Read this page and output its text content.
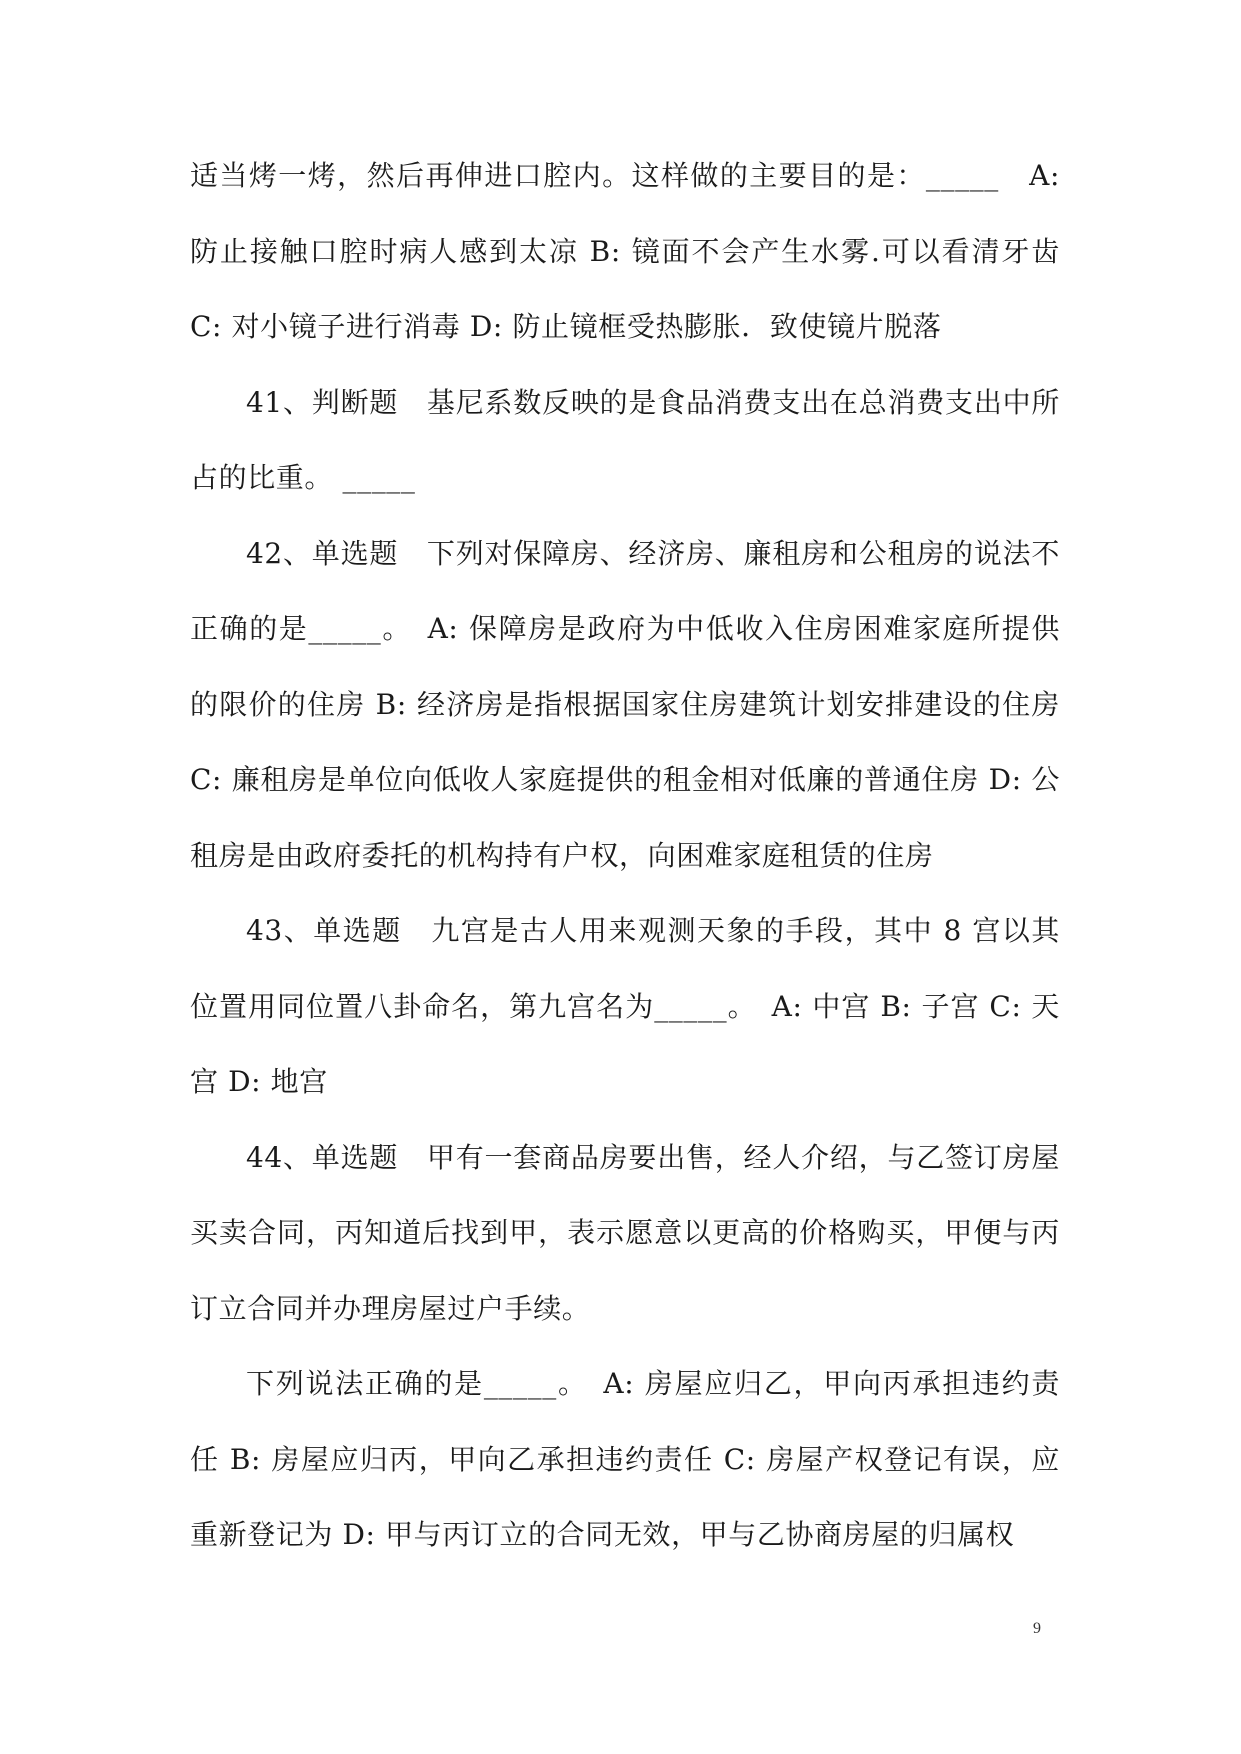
适当烤一烤，然后再伸进口腔内。这样做的主要目的是：_____　A: 防止接触口腔时病人感到太凉 B: 镜面不会产生水雾.可以看清牙齿 C: 对小镜子进行消毒 D: 防止镜框受热膨胀．致使镜片脱落

41、判断题　基尼系数反映的是食品消费支出在总消费支出中所占的比重。 _____

42、单选题　下列对保障房、经济房、廉租房和公租房的说法不正确的是_____。　A: 保障房是政府为中低收入住房困难家庭所提供的限价的住房 B: 经济房是指根据国家住房建筑计划安排建设的住房 C: 廉租房是单位向低收人家庭提供的租金相对低廉的普通住房 D: 公租房是由政府委托的机构持有户权，向困难家庭租赁的住房

43、单选题　九宫是古人用来观测天象的手段，其中 8 宫以其位置用同位置八卦命名，第九宫名为_____。　A: 中宫 B: 子宫 C: 天宫 D: 地宫

44、单选题　甲有一套商品房要出售，经人介绍，与乙签订房屋买卖合同，丙知道后找到甲，表示愿意以更高的价格购买，甲便与丙订立合同并办理房屋过户手续。

下列说法正确的是_____。　A: 房屋应归乙，甲向丙承担违约责任 B: 房屋应归丙，甲向乙承担违约责任 C: 房屋产权登记有误，应重新登记为 D: 甲与丙订立的合同无效，甲与乙协商房屋的归属权

9
